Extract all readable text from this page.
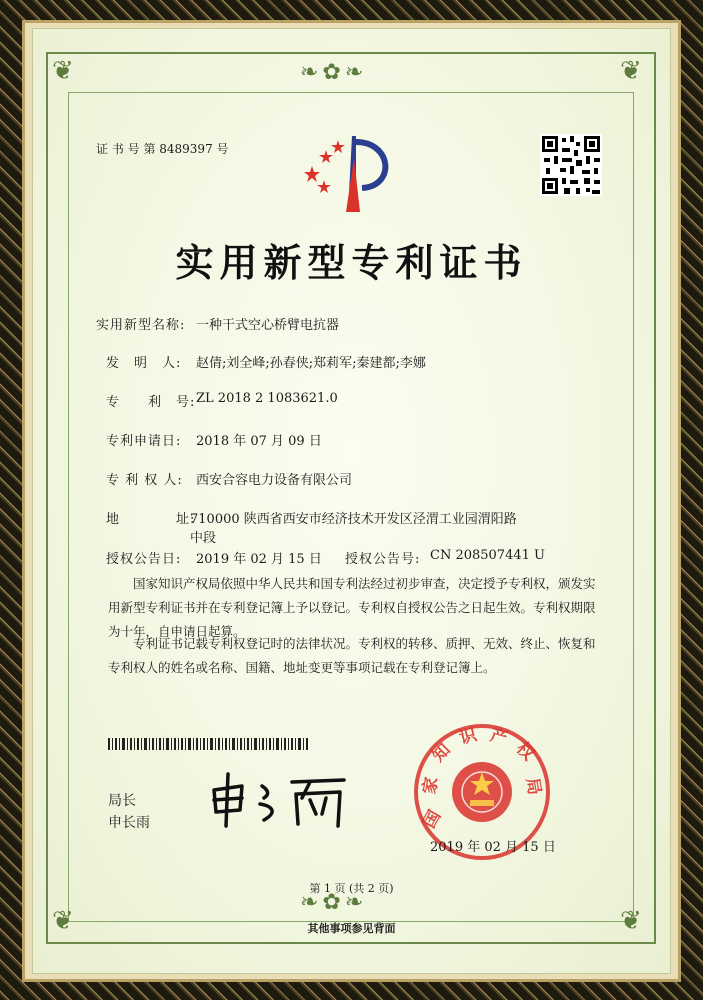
❦	❦
❦	❦
❧✿❧
❧✿❧
证 书 号 第 8489397 号
实用新型专利证书
实用新型名称: 一种干式空心桥臂电抗器
发　明　人: 赵倩;刘全峰;孙春侠;郑莉军;秦建都;李娜
专　　利　号: ZL 2018 2 1083621.0
专利申请日: 2018 年 07 月 09 日
专 利 权 人: 西安合容电力设备有限公司
地　　　　址:
710000 陕西省西安市经济技术开发区泾渭工业园渭阳路
中段
授权公告日: 2019 年 02 月 15 日 授权公告号: CN 208507441 U
国家知识产权局依照中华人民共和国专利法经过初步审查，决定授予专利权，颁发实用新型专利证书并在专利登记簿上予以登记。专利权自授权公告之日起生效。专利权期限为十年，自申请日起算。
专利证书记载专利权登记时的法律状况。专利权的转移、质押、无效、终止、恢复和专利权人的姓名或名称、国籍、地址变更等事项记载在专利登记簿上。
局长
申长雨	国
家
知
识 产
权
局
2019 年 02 月 15 日
第 1 页 (共 2 页)
其他事项参见背面
